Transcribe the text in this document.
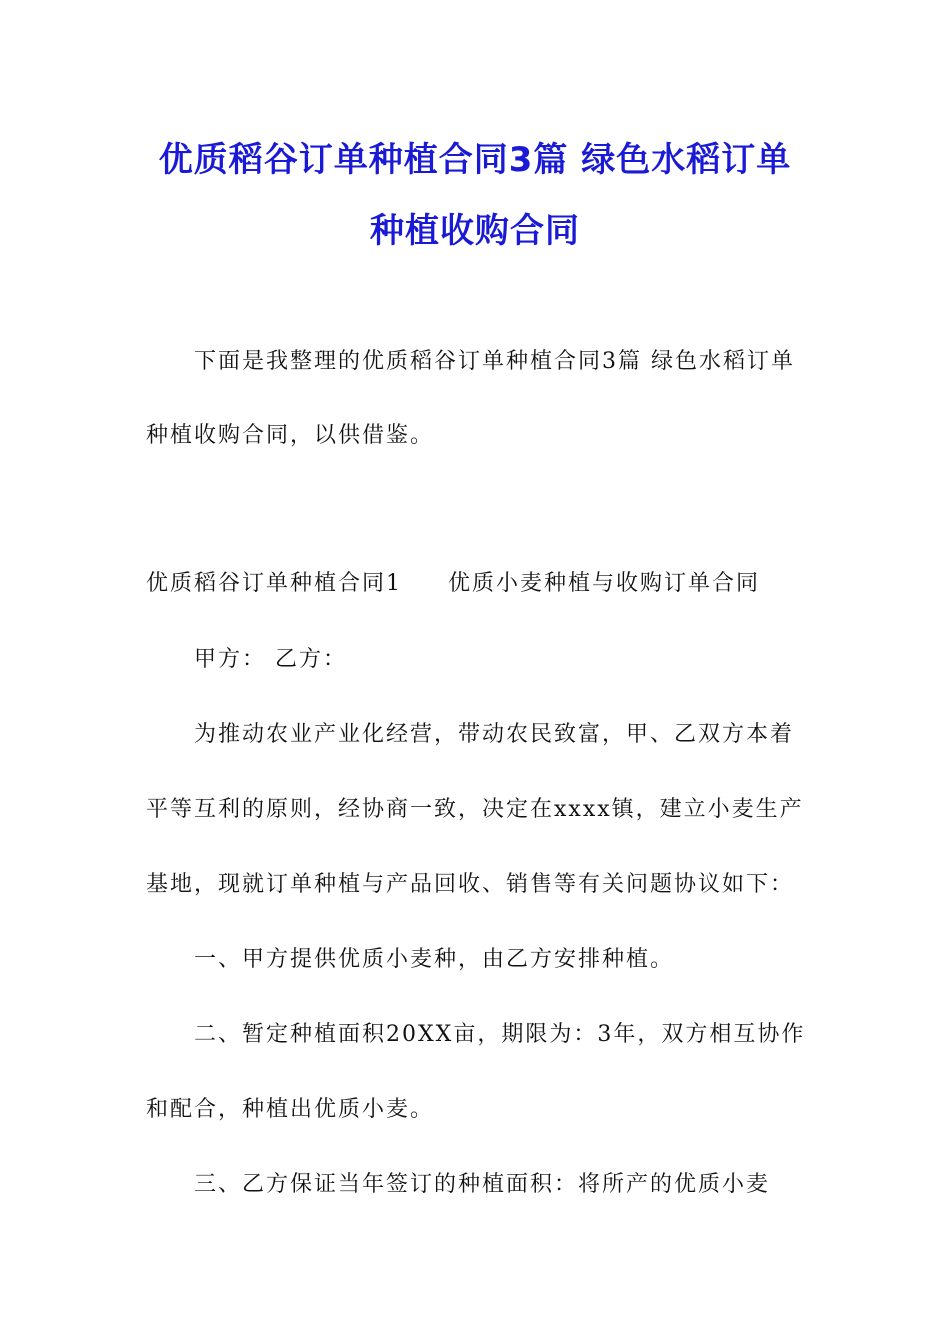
优质稻谷订单种植合同3篇 绿色水稻订单
种植收购合同
下面是我整理的优质稻谷订单种植合同3篇 绿色水稻订单
种植收购合同，以供借鉴。
优质稻谷订单种植合同1 优质小麦种植与收购订单合同
甲方： 乙方：
为推动农业产业化经营，带动农民致富，甲、乙双方本着
平等互利的原则，经协商一致，决定在xxxx镇，建立小麦生产
基地，现就订单种植与产品回收、销售等有关问题协议如下：
一、甲方提供优质小麦种，由乙方安排种植。
二、暂定种植面积20XX亩，期限为：3年，双方相互协作
和配合，种植出优质小麦。
三、乙方保证当年签订的种植面积：将所产的优质小麦
